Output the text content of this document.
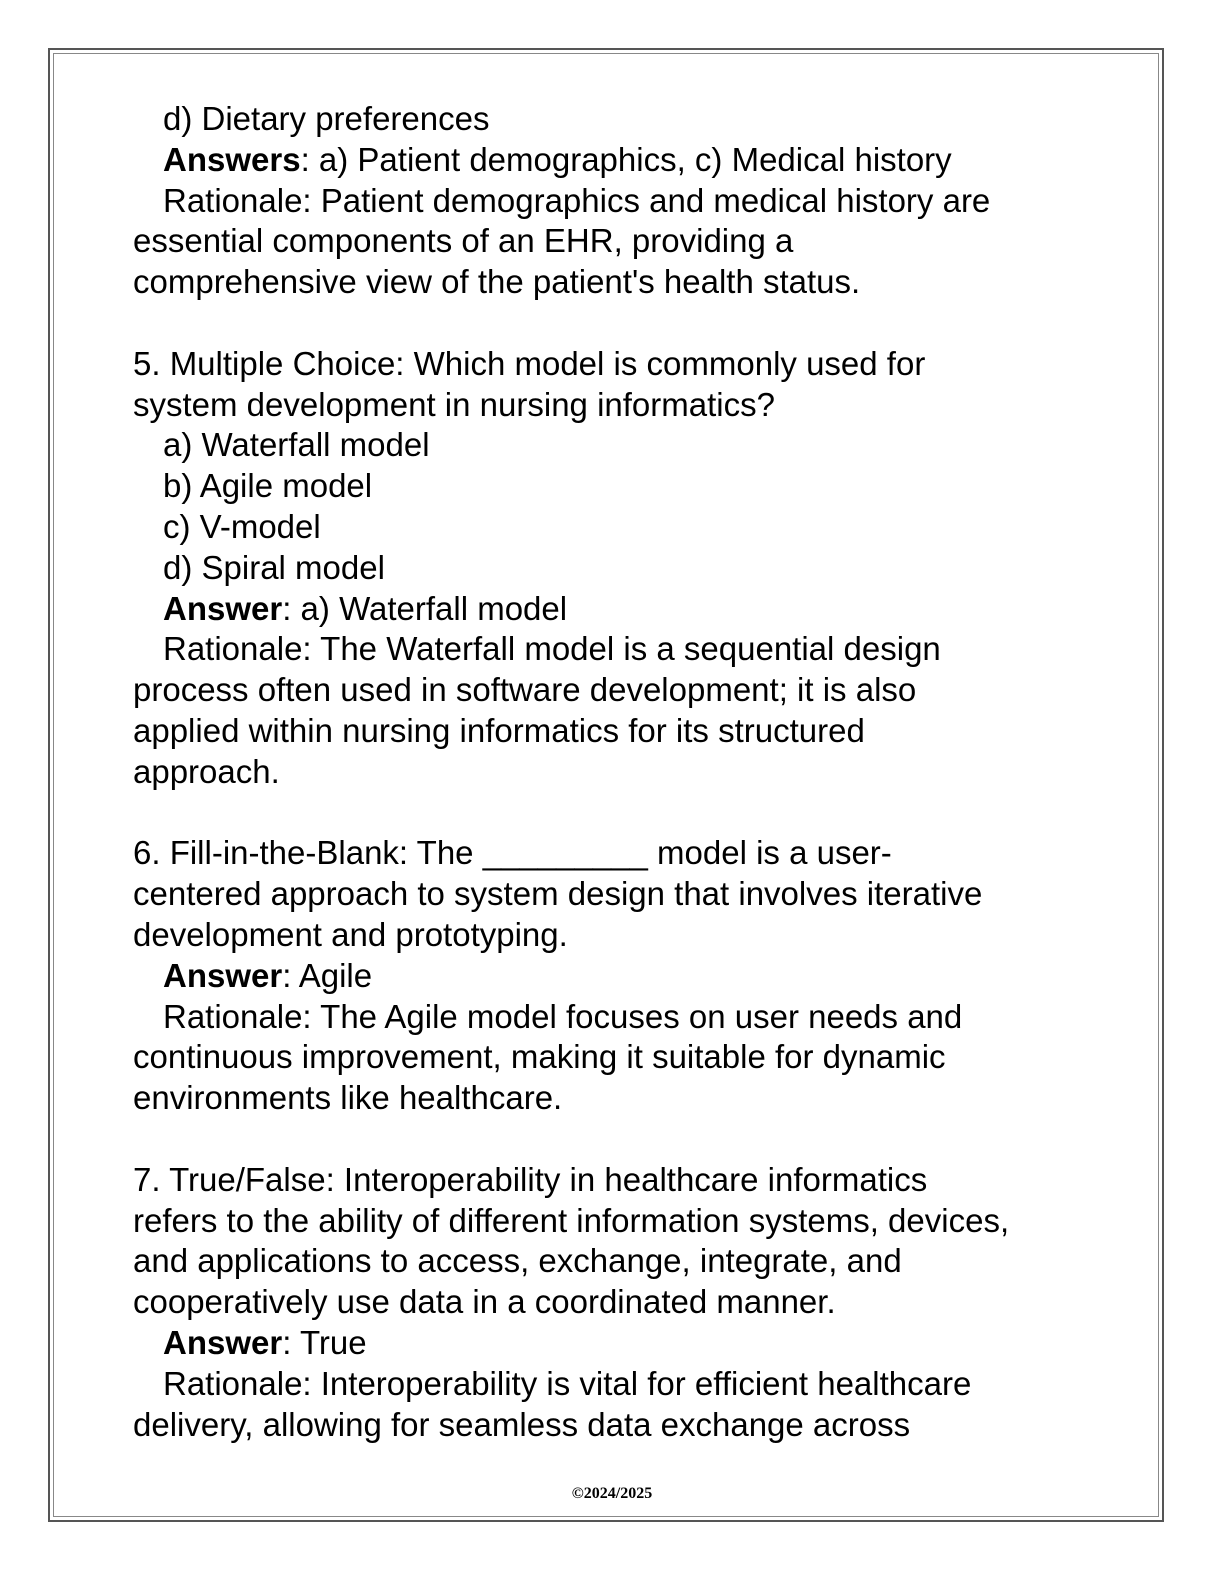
d) Dietary preferences
Answers: a) Patient demographics, c) Medical history
Rationale: Patient demographics and medical history are
essential components of an EHR, providing a
comprehensive view of the patient's health status.
5. Multiple Choice: Which model is commonly used for
system development in nursing informatics?
a) Waterfall model
b) Agile model
c) V-model
d) Spiral model
Answer: a) Waterfall model
Rationale: The Waterfall model is a sequential design
process often used in software development; it is also
applied within nursing informatics for its structured
approach.
6. Fill-in-the-Blank: The _________ model is a user-
centered approach to system design that involves iterative
development and prototyping.
Answer: Agile
Rationale: The Agile model focuses on user needs and
continuous improvement, making it suitable for dynamic
environments like healthcare.
7. True/False: Interoperability in healthcare informatics
refers to the ability of different information systems, devices,
and applications to access, exchange, integrate, and
cooperatively use data in a coordinated manner.
Answer: True
Rationale: Interoperability is vital for efficient healthcare
delivery, allowing for seamless data exchange across
©2024/2025
